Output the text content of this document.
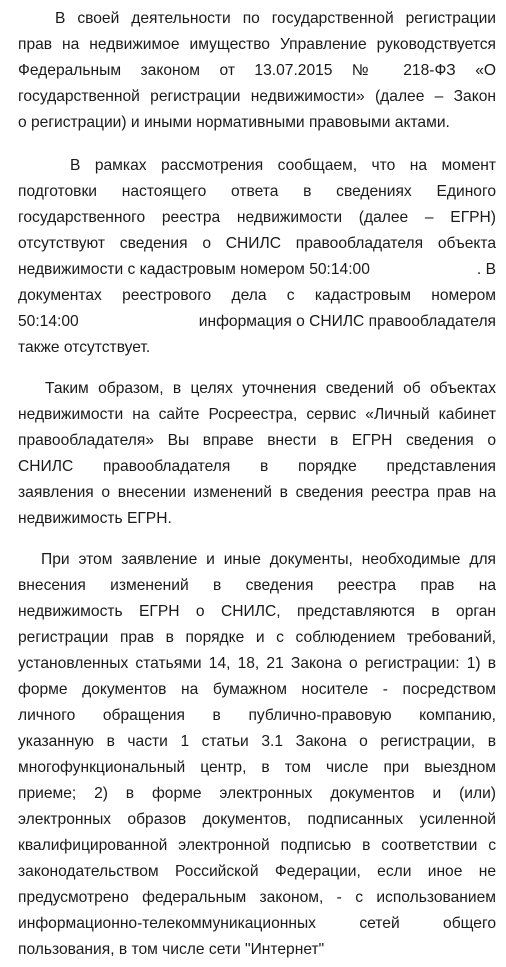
В своей деятельности по государственной регистрации
прав на недвижимое имущество Управление руководствуется
Федеральным законом от 13.07.2015 № 218-ФЗ «О
государственной регистрации недвижимости» (далее – Закон
о регистрации) и иными нормативными правовыми актами.
В рамках рассмотрения сообщаем, что на момент
подготовки настоящего ответа в сведениях Единого
государственного реестра недвижимости (далее – ЕГРН)
отсутствуют сведения о СНИЛС правообладателя объекта
недвижимости с кадастровым номером 50:14:00	. В
документах реестрового дела с кадастровым номером
50:14:00	информация о СНИЛС правообладателя
также отсутствует.
Таким образом, в целях уточнения сведений об объектах
недвижимости на сайте Росреестра, сервис «Личный кабинет
правообладателя» Вы вправе внести в ЕГРН сведения о
СНИЛС правообладателя в порядке представления
заявления о внесении изменений в сведения реестра прав на
недвижимость ЕГРН.
При этом заявление и иные документы, необходимые для
внесения изменений в сведения реестра прав на
недвижимость ЕГРН о СНИЛС, представляются в орган
регистрации прав в порядке и с соблюдением требований,
установленных статьями 14, 18, 21 Закона о регистрации: 1) в
форме документов на бумажном носителе - посредством
личного обращения в публично-правовую компанию,
указанную в части 1 статьи 3.1 Закона о регистрации, в
многофункциональный центр, в том числе при выездном
приеме; 2) в форме электронных документов и (или)
электронных образов документов, подписанных усиленной
квалифицированной электронной подписью в соответствии с
законодательством Российской Федерации, если иное не
предусмотрено федеральным законом, - с использованием
информационно-телекоммуникационных сетей общего
пользования, в том числе сети "Интернет"
